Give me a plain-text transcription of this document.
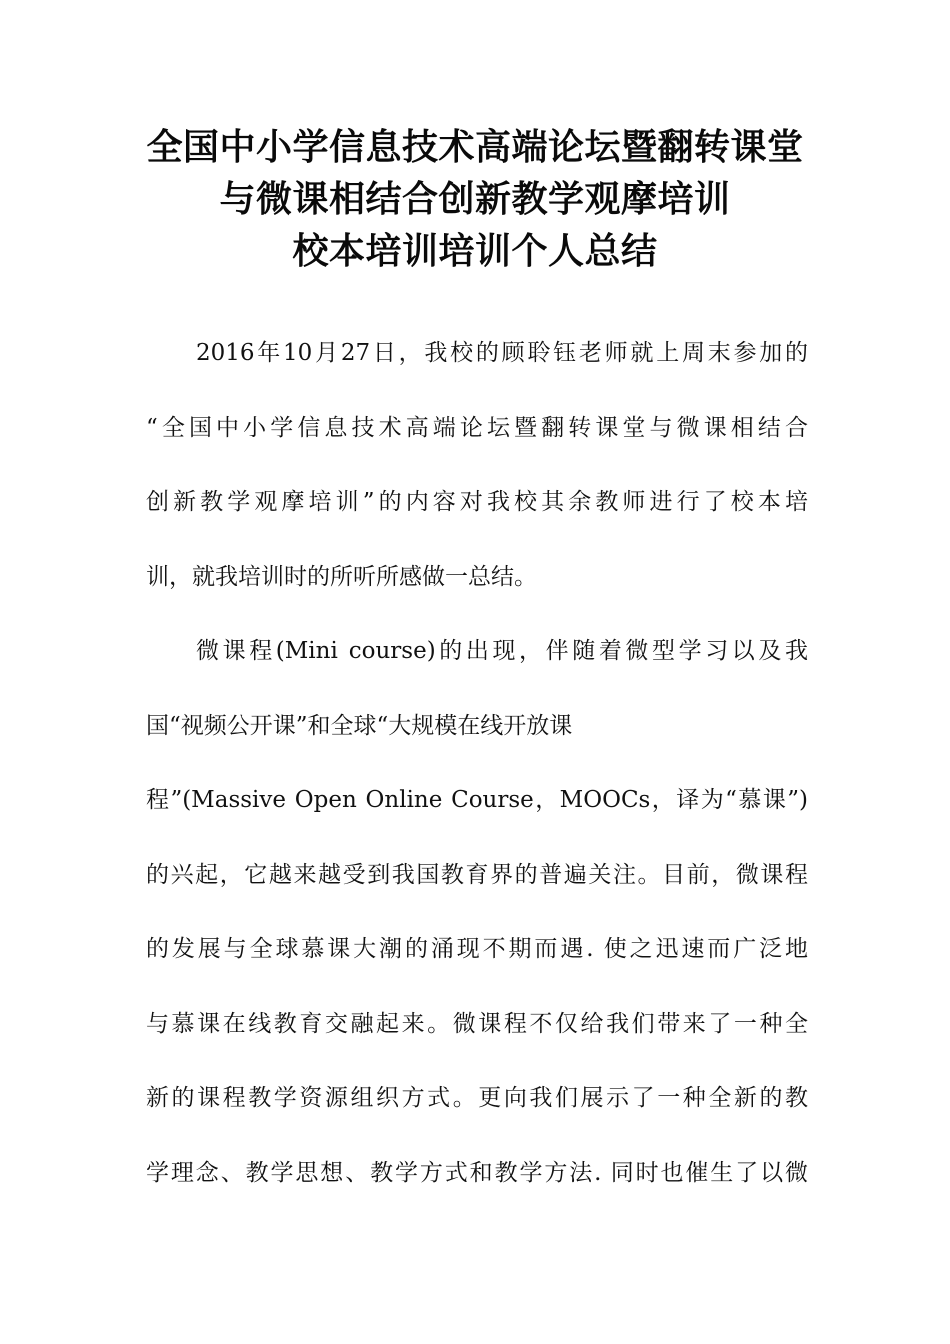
全国中小学信息技术高端论坛暨翻转课堂
与微课相结合创新教学观摩培训
校本培训培训个人总结
2016年10月27日，我校的顾聆钰老师就上周末参加的
“全国中小学信息技术高端论坛暨翻转课堂与微课相结合
创新教学观摩培训”的内容对我校其余教师进行了校本培
训，就我培训时的所听所感做一总结。
微课程(Mini course)的出现，伴随着微型学习以及我
国“视频公开课”和全球“大规模在线开放课
程”(Massive Open Online Course，MOOCs，译为“慕课”)
的兴起，它越来越受到我国教育界的普遍关注。目前，微课程
的发展与全球慕课大潮的涌现不期而遇. 使之迅速而广泛地
与慕课在线教育交融起来。微课程不仅给我们带来了一种全
新的课程教学资源组织方式。更向我们展示了一种全新的教
学理念、教学思想、教学方式和教学方法. 同时也催生了以微
